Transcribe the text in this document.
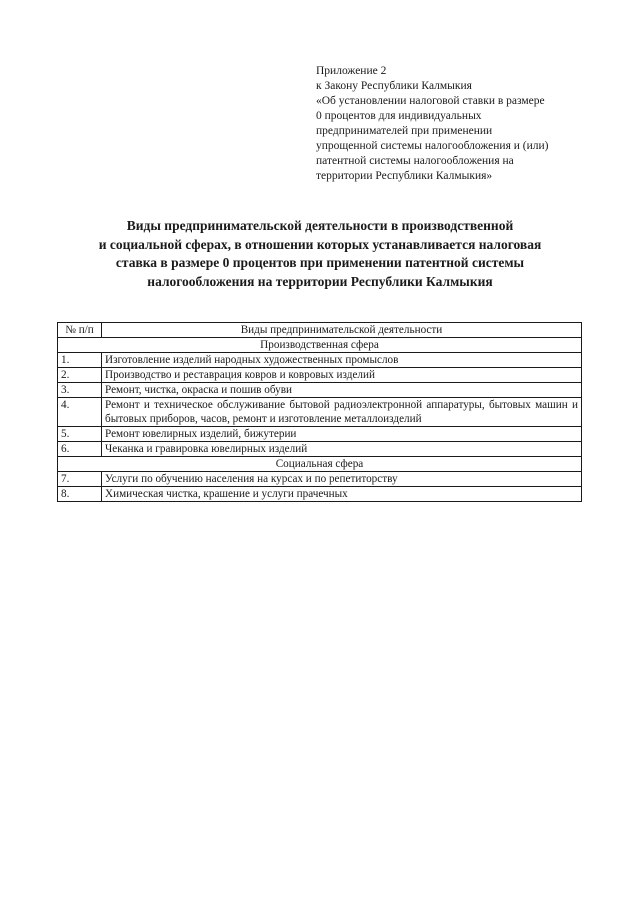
Приложение 2
к Закону Республики Калмыкия
«Об установлении налоговой ставки в размере
0 процентов для индивидуальных
предпринимателей при применении
упрощенной системы налогообложения и (или)
патентной системы налогообложения на
территории Республики Калмыкия»
Виды предпринимательской деятельности в производственной
и социальной сферах, в отношении которых устанавливается налоговая
ставка в размере 0 процентов при применении патентной системы
налогообложения на территории Республики Калмыкия
№ п/п	Виды предпринимательской деятельности
Производственная сфера	
1.	Изготовление изделий народных художественных промыслов
2.	Производство и реставрация ковров и ковровых изделий
3.	Ремонт, чистка, окраска и пошив обуви
4.	Ремонт и техническое обслуживание бытовой радиоэлектронной аппаратуры, бытовых машин и бытовых приборов, часов, ремонт и изготовление металлоизделий
5.	Ремонт ювелирных изделий, бижутерии
6.	Чеканка и гравировка ювелирных изделий
Социальная сфера	
7.	Услуги по обучению населения на курсах и по репетиторству
8.	Химическая чистка, крашение и услуги прачечных
